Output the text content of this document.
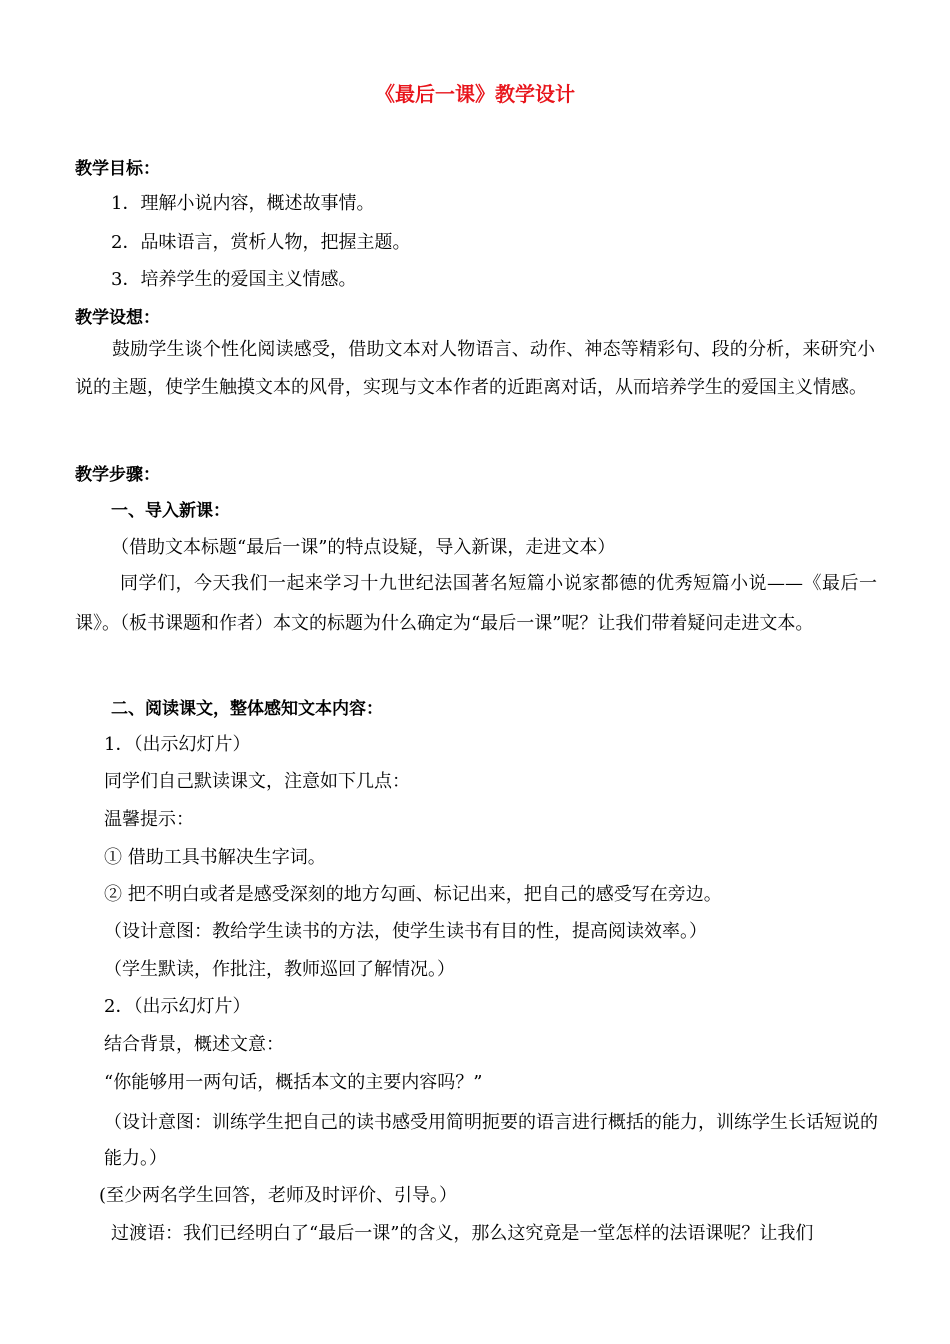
《最后一课》教学设计
教学目标：
1．理解小说内容，概述故事情。
2．品味语言，赏析人物，把握主题。
3．培养学生的爱国主义情感。
教学设想：
鼓励学生谈个性化阅读感受，借助文本对人物语言、动作、神态等精彩句、段的分析，来研究小说的主题，使学生触摸文本的风骨，实现与文本作者的近距离对话，从而培养学生的爱国主义情感。
教学步骤：
一、导入新课：
（借助文本标题“最后一课”的特点设疑，导入新课，走进文本）
同学们，今天我们一起来学习十九世纪法国著名短篇小说家都德的优秀短篇小说——《最后一课》。（板书课题和作者）本文的标题为什么确定为“最后一课”呢？让我们带着疑问走进文本。
二、阅读课文，整体感知文本内容：
1．（出示幻灯片）
同学们自己默读课文，注意如下几点：
温馨提示：
① 借助工具书解决生字词。
② 把不明白或者是感受深刻的地方勾画、标记出来，把自己的感受写在旁边。
（设计意图：教给学生读书的方法，使学生读书有目的性，提高阅读效率。）
（学生默读，作批注，教师巡回了解情况。）
2．（出示幻灯片）
结合背景，概述文意：
“你能够用一两句话，概括本文的主要内容吗？”
（设计意图：训练学生把自己的读书感受用简明扼要的语言进行概括的能力，训练学生长话短说的能力。）
(至少两名学生回答，老师及时评价、引导。）
过渡语：我们已经明白了“最后一课”的含义，那么这究竟是一堂怎样的法语课呢？让我们
